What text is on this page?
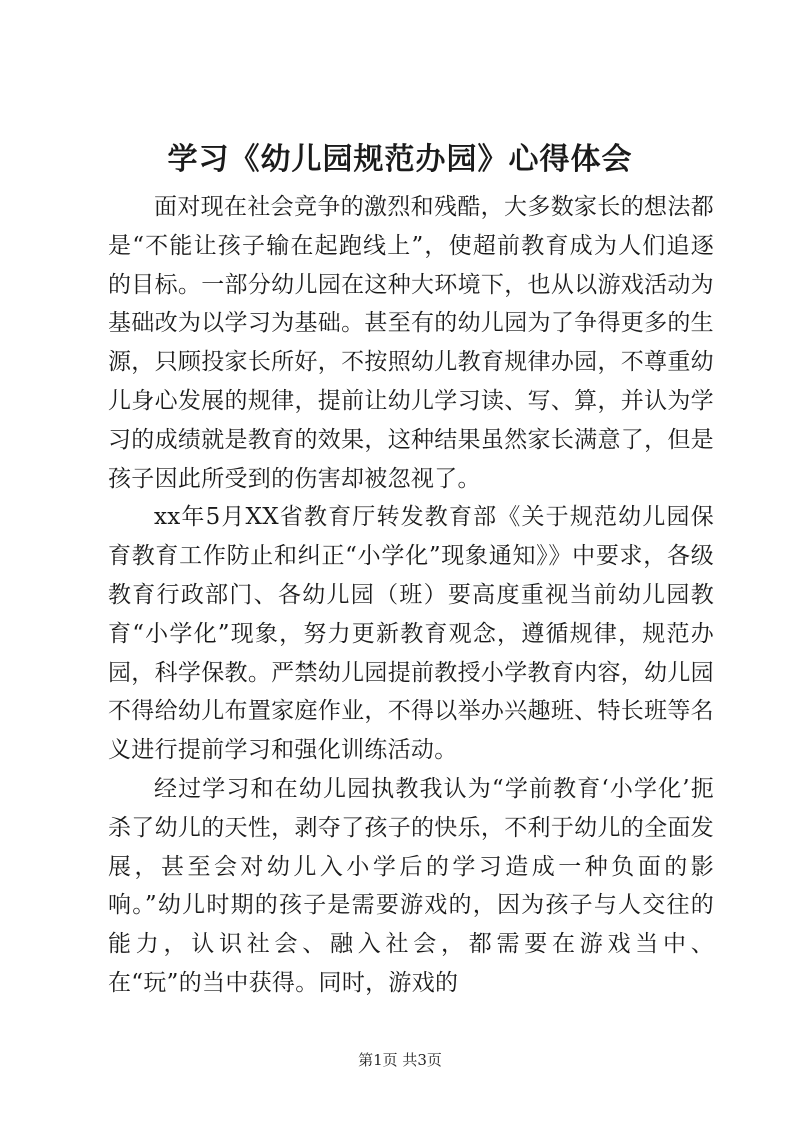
学习《幼儿园规范办园》心得体会

面对现在社会竞争的激烈和残酷，大多数家长的想法都是“不能让孩子输在起跑线上”，使超前教育成为人们追逐的目标。一部分幼儿园在这种大环境下，也从以游戏活动为基础改为以学习为基础。甚至有的幼儿园为了争得更多的生源，只顾投家长所好，不按照幼儿教育规律办园，不尊重幼儿身心发展的规律，提前让幼儿学习读、写、算，并认为学习的成绩就是教育的效果，这种结果虽然家长满意了，但是孩子因此所受到的伤害却被忽视了。

xx年5月XX省教育厅转发教育部《关于规范幼儿园保育教育工作防止和纠正“小学化”现象通知》》中要求，各级教育行政部门、各幼儿园（班）要高度重视当前幼儿园教育“小学化”现象，努力更新教育观念，遵循规律，规范办园，科学保教。严禁幼儿园提前教授小学教育内容，幼儿园不得给幼儿布置家庭作业，不得以举办兴趣班、特长班等名义进行提前学习和强化训练活动。

经过学习和在幼儿园执教我认为“学前教育‘小学化’扼杀了幼儿的天性，剥夺了孩子的快乐，不利于幼儿的全面发展，甚至会对幼儿入小学后的学习造成一种负面的影响。”幼儿时期的孩子是需要游戏的，因为孩子与人交往的能力，认识社会、融入社会，都需要在游戏当中、在“玩”的当中获得。同时，游戏的

第1页 共3页
